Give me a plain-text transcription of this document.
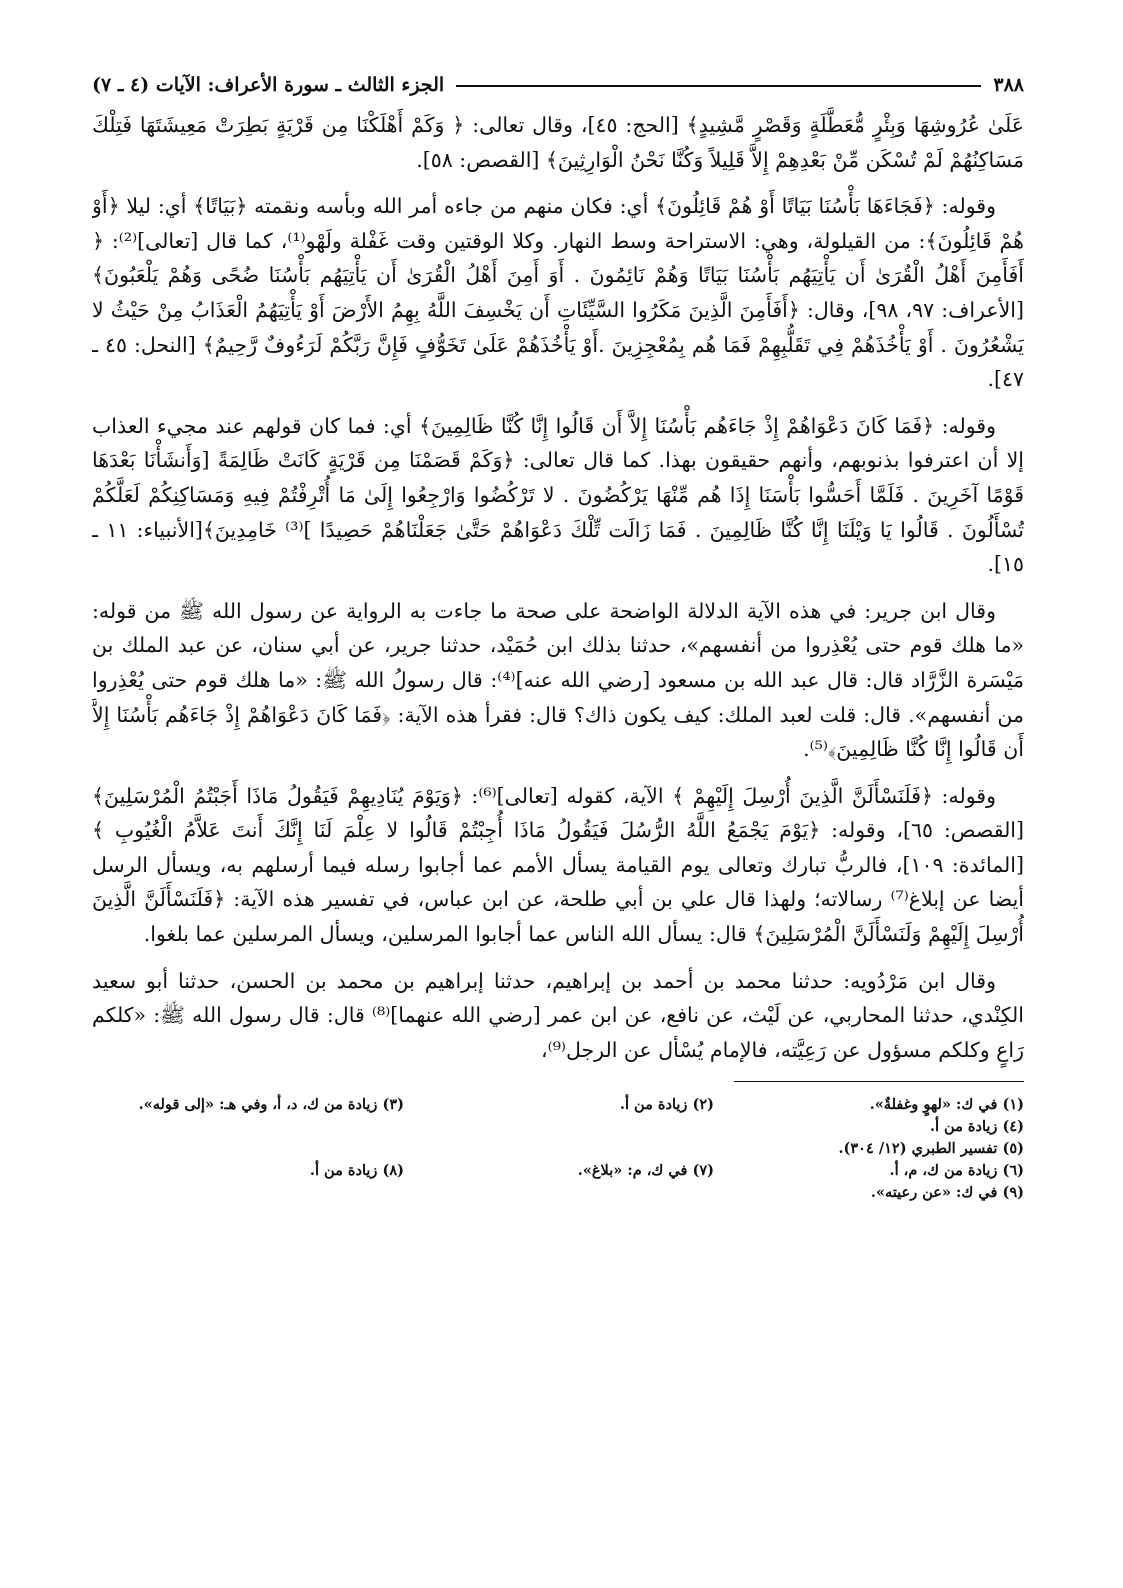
٣٨٨
الجزء الثالث ـ سورة الأعراف: الآيات (٤ ـ ٧)

عَلَىٰ عُرُوشِهَا وَبِئْرٍ مُّعَطَّلَةٍ وَقَصْرٍ مَّشِيدٍ﴾ [الحج: ٤٥]، وقال تعالى: ﴿ وَكَمْ أَهْلَكْنَا مِن قَرْيَةٍ بَطِرَتْ مَعِيشَتَهَا فَتِلْكَ مَسَاكِنُهُمْ لَمْ تُسْكَن مِّنْ بَعْدِهِمْ إِلاَّ قَلِيلاً وَكُنَّا نَحْنُ الْوَارِثِينَ﴾ [القصص: ٥٨].

وقوله: ﴿فَجَاءَهَا بَأْسُنَا بَيَاتًا أَوْ هُمْ قَائِلُونَ﴾ أي: فكان منهم من جاءه أمر الله وبأسه ونقمته ﴿بَيَاتًا﴾ أي: ليلا ﴿أَوْ هُمْ قَائِلُونَ﴾: من القيلولة، وهي: الاستراحة وسط النهار. وكلا الوقتين وقت غَفْلة ولَهْو⁽¹⁾، كما قال [تعالى]⁽²⁾: ﴿ أَفَأَمِنَ أَهْلُ الْقُرَىٰ أَن يَأْتِيَهُم بَأْسُنَا بَيَاتًا وَهُمْ نَائِمُونَ . أَوَ أَمِنَ أَهْلُ الْقُرَىٰ أَن يَأْتِيَهُم بَأْسُنَا ضُحًى وَهُمْ يَلْعَبُونَ﴾ [الأعراف: ٩٧، ٩٨]، وقال: ﴿أَفَأَمِنَ الَّذِينَ مَكَرُوا السَّيِّئَاتِ أَن يَخْسِفَ اللَّهُ بِهِمُ الأَرْضَ أَوْ يَأْتِيَهُمُ الْعَذَابُ مِنْ حَيْثُ لا يَشْعُرُونَ . أَوْ يَأْخُذَهُمْ فِي تَقَلُّبِهِمْ فَمَا هُم بِمُعْجِزِينَ .أَوْ يَأْخُذَهُمْ عَلَىٰ تَخَوُّفٍ فَإِنَّ رَبَّكُمْ لَرَءُوفٌ رَّحِيمٌ﴾ [النحل: ٤٥ ـ ٤٧].

وقوله: ﴿فَمَا كَانَ دَعْوَاهُمْ إِذْ جَاءَهُم بَأْسُنَا إِلاَّ أَن قَالُوا إِنَّا كُنَّا ظَالِمِينَ﴾ أي: فما كان قولهم عند مجيء العذاب إلا أن اعترفوا بذنوبهم، وأنهم حقيقون بهذا. كما قال تعالى: ﴿وَكَمْ قَصَمْنَا مِن قَرْيَةٍ كَانَتْ ظَالِمَةً [وَأَنشَأْنَا بَعْدَهَا قَوْمًا آخَرِينَ . فَلَمَّا أَحَسُّوا بَأْسَنَا إِذَا هُم مِّنْهَا يَرْكُضُونَ . لا تَرْكُضُوا وَارْجِعُوا إِلَىٰ مَا أُتْرِفْتُمْ فِيهِ وَمَسَاكِنِكُمْ لَعَلَّكُمْ تُسْأَلُونَ . قَالُوا يَا وَيْلَنَا إِنَّا كُنَّا ظَالِمِينَ . فَمَا زَالَت تِّلْكَ دَعْوَاهُمْ حَتَّىٰ جَعَلْنَاهُمْ حَصِيدًا ]⁽³⁾ خَامِدِينَ﴾[الأنبياء: ١١ ـ ١٥].

وقال ابن جرير: في هذه الآية الدلالة الواضحة على صحة ما جاءت به الرواية عن رسول الله ﷺ من قوله: «ما هلك قوم حتى يُعْذِروا من أنفسهم»، حدثنا بذلك ابن حُمَيْد، حدثنا جرير، عن أبي سنان، عن عبد الملك بن مَيْسَرة الزَّرَّاد قال: قال عبد الله بن مسعود [رضي الله عنه]⁽⁴⁾: قال رسولُ الله ﷺ: «ما هلك قوم حتى يُعْذِروا من أنفسهم». قال: قلت لعبد الملك: كيف يكون ذاك؟ قال: فقرأ هذه الآية: ﴿فَمَا كَانَ دَعْوَاهُمْ إِذْ جَاءَهُم بَأْسُنَا إِلاَّ أَن قَالُوا إِنَّا كُنَّا ظَالِمِينَ﴾⁽⁵⁾.

وقوله: ﴿فَلَنَسْأَلَنَّ الَّذِينَ أُرْسِلَ إِلَيْهِمْ ﴾ الآية، كقوله [تعالى]⁽⁶⁾: ﴿وَيَوْمَ يُنَادِيهِمْ فَيَقُولُ مَاذَا أَجَبْتُمُ الْمُرْسَلِينَ﴾ [القصص: ٦٥]، وقوله: ﴿يَوْمَ يَجْمَعُ اللَّهُ الرُّسُلَ فَيَقُولُ مَاذَا أُجِبْتُمْ قَالُوا لا عِلْمَ لَنَا إِنَّكَ أَنتَ عَلاَّمُ الْغُيُوبِ ﴾ [المائدة: ١٠٩]، فالربُّ تبارك وتعالى يوم القيامة يسأل الأمم عما أجابوا رسله فيما أرسلهم به، ويسأل الرسل أيضا عن إبلاغ⁽⁷⁾ رسالاته؛ ولهذا قال علي بن أبي طلحة، عن ابن عباس، في تفسير هذه الآية: ﴿فَلَنَسْأَلَنَّ الَّذِينَ أُرْسِلَ إِلَيْهِمْ وَلَنَسْأَلَنَّ الْمُرْسَلِينَ﴾ قال: يسأل الله الناس عما أجابوا المرسلين، ويسأل المرسلين عما بلغوا.

وقال ابن مَرْدُويه: حدثنا محمد بن أحمد بن إبراهيم، حدثنا إبراهيم بن محمد بن الحسن، حدثنا أبو سعيد الكِنْدي، حدثنا المحاربي، عن لَيْث، عن نافع، عن ابن عمر [رضي الله عنهما]⁽⁸⁾ قال: قال رسول الله ﷺ: «كلكم رَاعٍ وكلكم مسؤول عن رَعِيَّته، فالإمام يُسْأل عن الرجل⁽⁹⁾،

(١) في ك: «لهوٍ وغفلةٌ».
(٢) زيادة من أ.
(٣) زيادة من ك، د، أ، وفي هـ: «إلى قوله».
(٤) زيادة من أ.
(٥) تفسير الطبري (١٢/ ٣٠٤).
(٦) زيادة من ك، م، أ.
(٧) في ك، م: «بلاغ».
(٨) زيادة من أ.
(٩) في ك: «عن رعيته».
